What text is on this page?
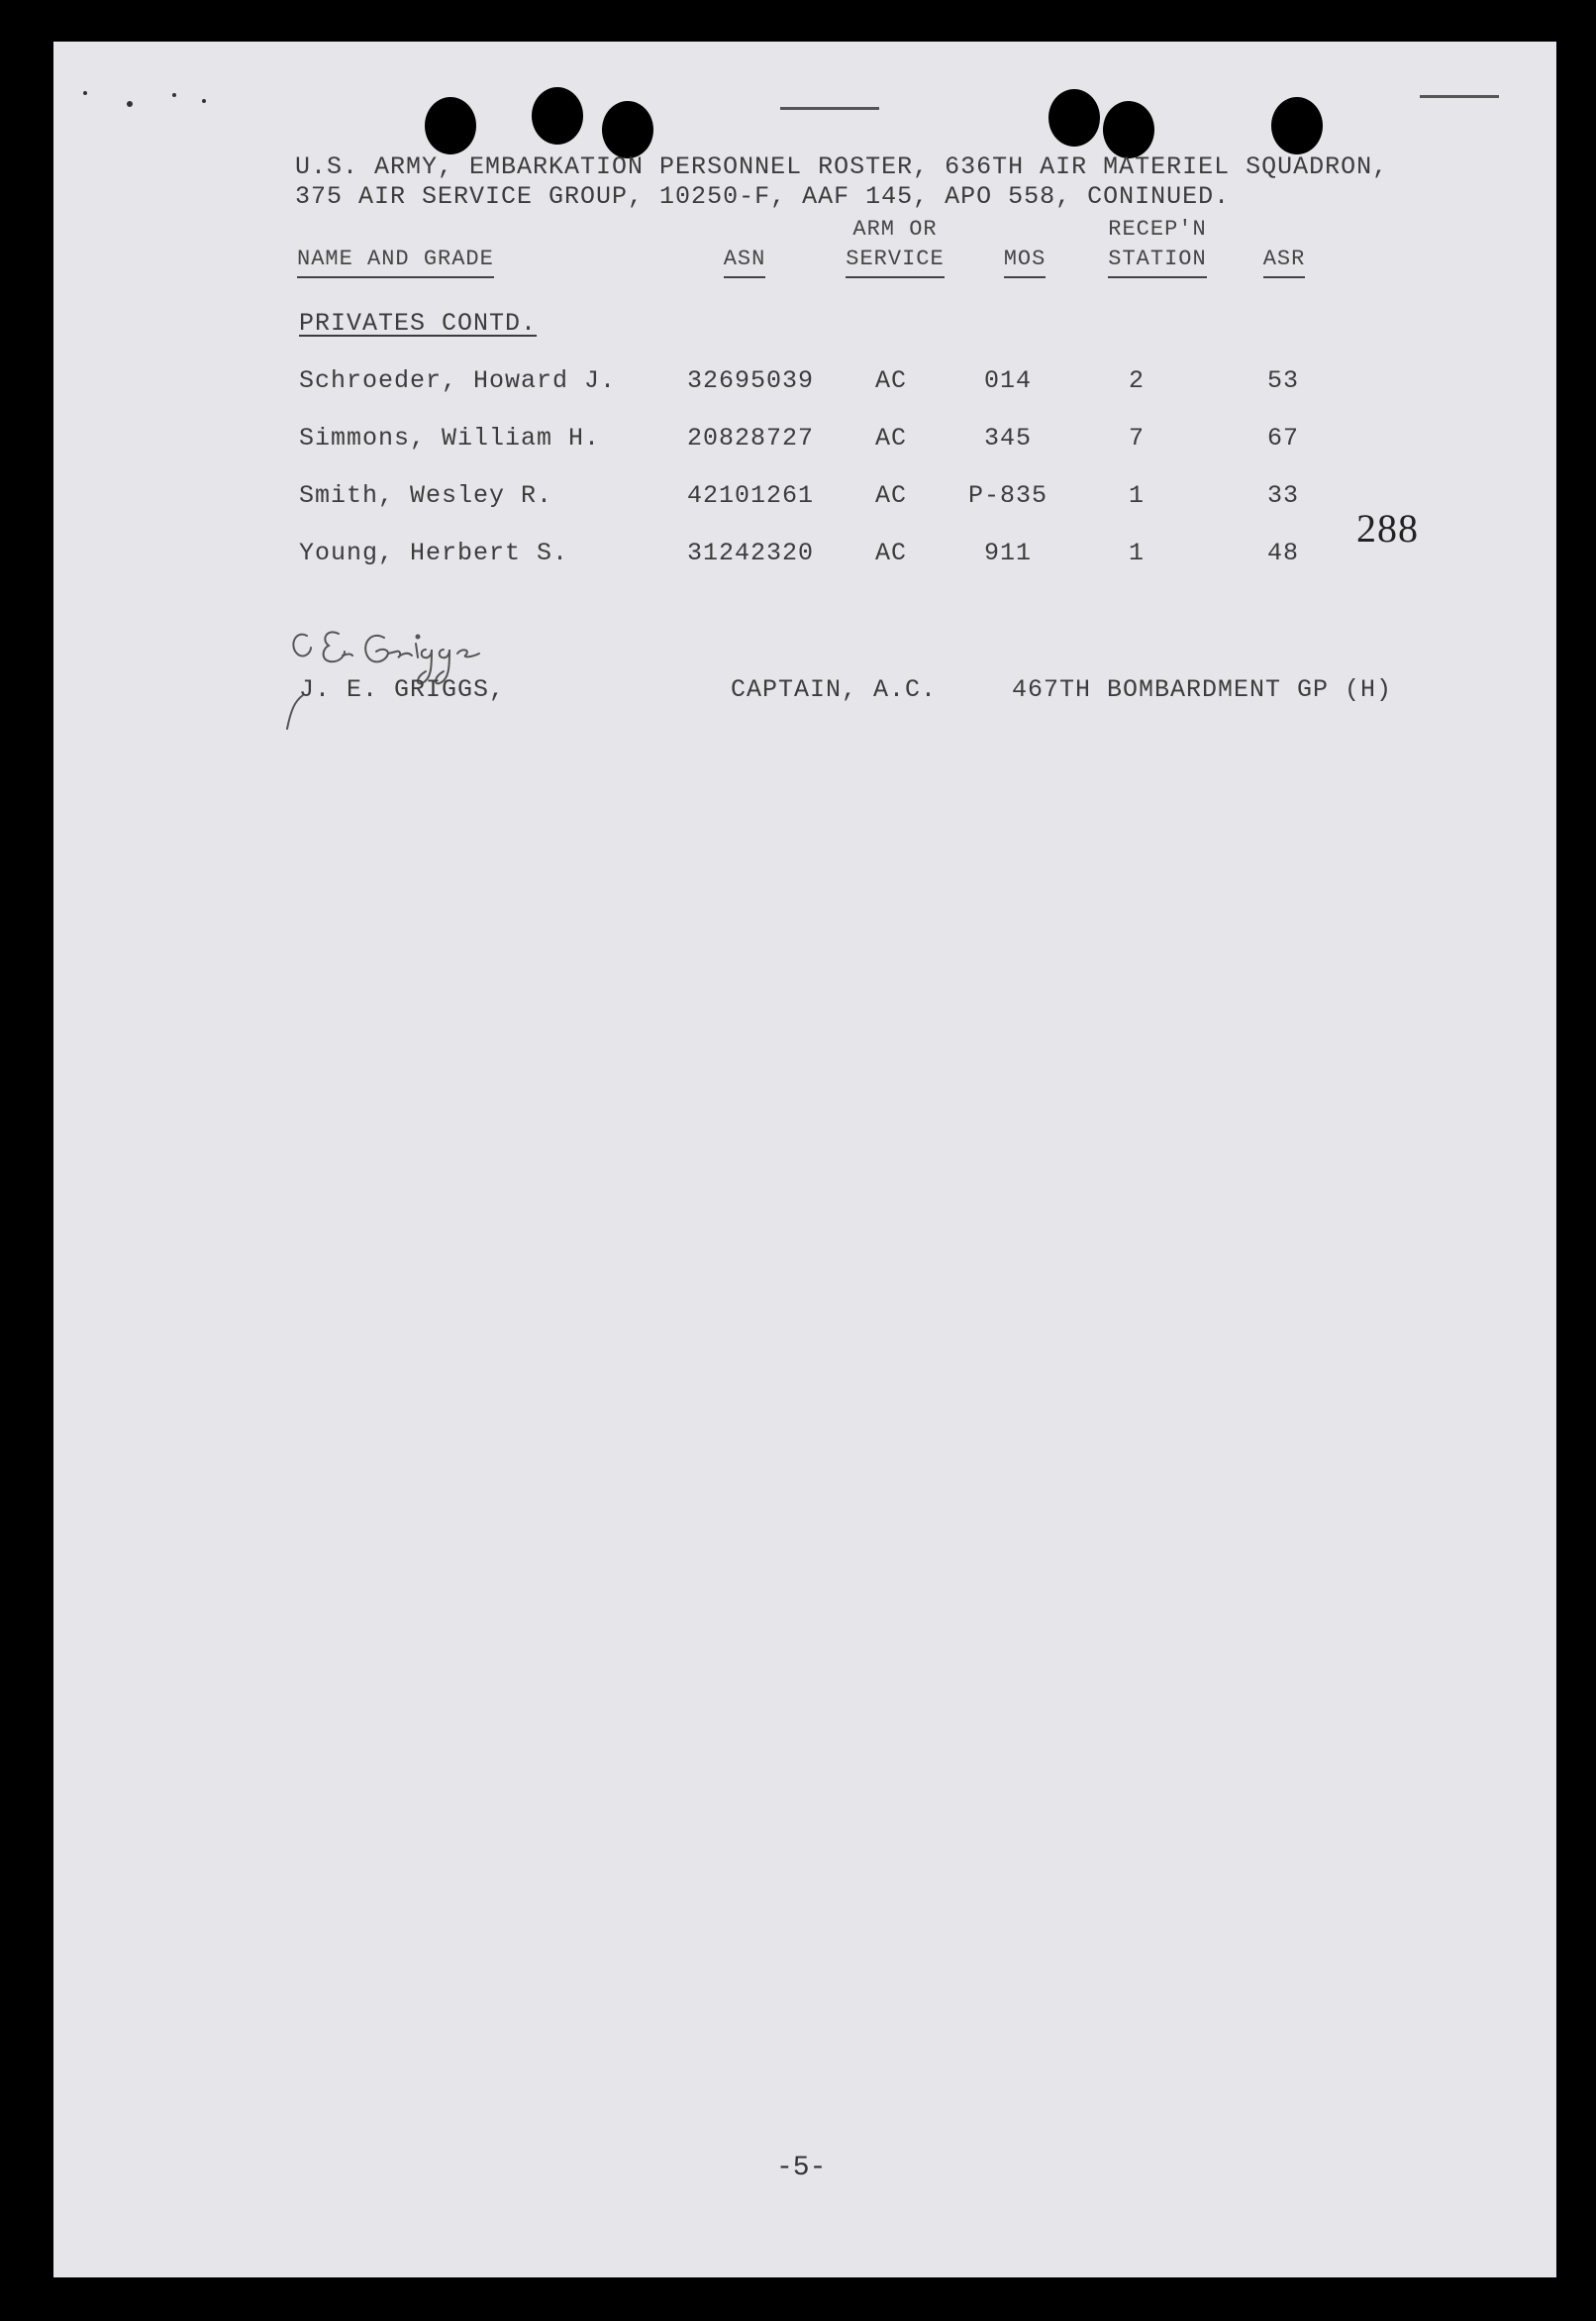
U.S. ARMY, EMBARKATION PERSONNEL ROSTER, 636TH AIR MATERIEL SQUADRON,
375 AIR SERVICE GROUP, 10250-F, AAF 145, APO 558, CONINUED.
NAME AND GRADE	ASN
ARM OR
SERVICE	MOS
RECEP'N
STATION	ASR
PRIVATES CONTD.
Schroeder, Howard J.	32695039 AC	014	2	53
Simmons, William H.	20828727 AC	345	7	67
Smith, Wesley R.	42101261 AC P-835	1	33
Young, Herbert S.	31242320 AC	911	1	48
288
J. E. GRIGGS,	CAPTAIN, A.C.	467TH BOMBARDMENT GP (H)
-5-
